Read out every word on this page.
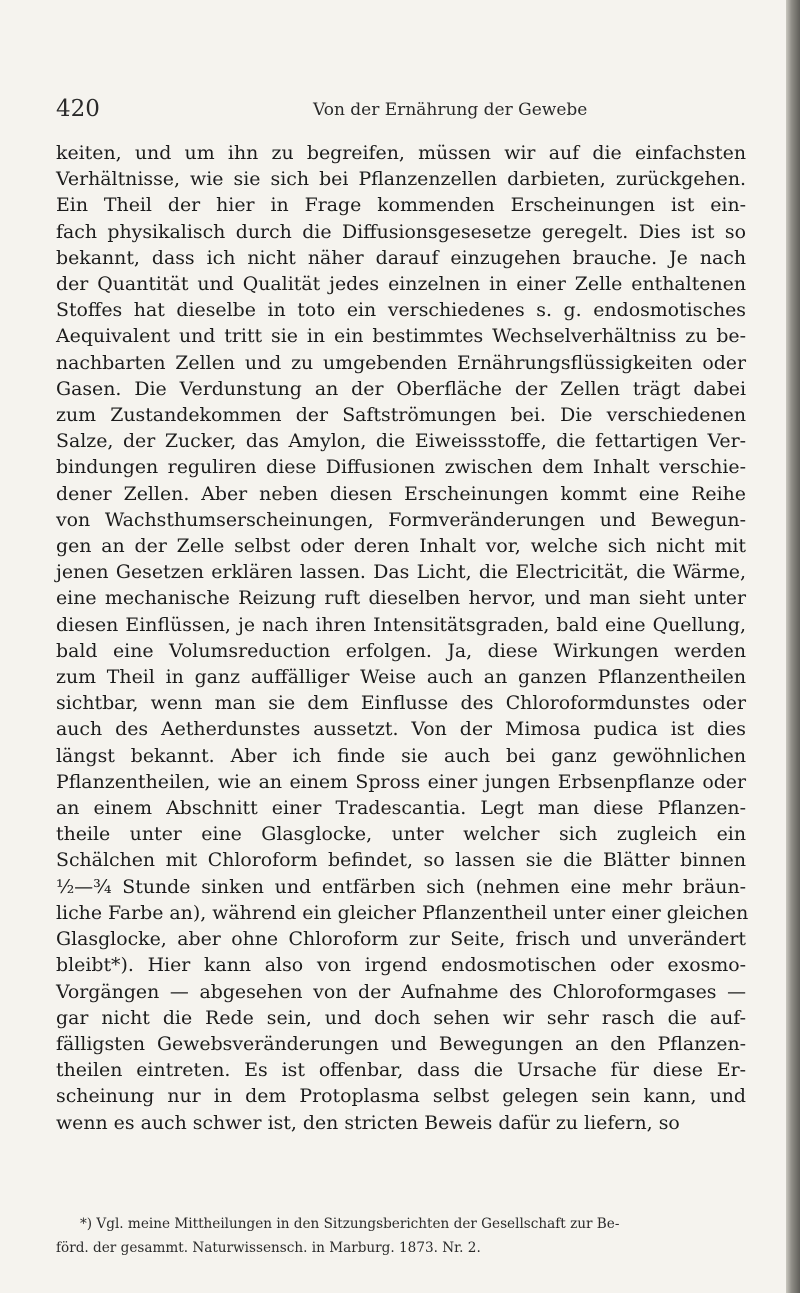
420	Von der Ernährung der Gewebe
keiten, und um ihn zu begreifen, müssen wir auf die einfachsten
Verhältnisse, wie sie sich bei Pflanzenzellen darbieten, zurückgehen.
Ein Theil der hier in Frage kommenden Erscheinungen ist ein-
fach physikalisch durch die Diffusionsgesesetze geregelt. Dies ist so
bekannt, dass ich nicht näher darauf einzugehen brauche. Je nach
der Quantität und Qualität jedes einzelnen in einer Zelle enthaltenen
Stoffes hat dieselbe in toto ein verschiedenes s. g. endosmotisches
Aequivalent und tritt sie in ein bestimmtes Wechselverhältniss zu be-
nachbarten Zellen und zu umgebenden Ernährungsflüssigkeiten oder
Gasen. Die Verdunstung an der Oberfläche der Zellen trägt dabei
zum Zustandekommen der Saftströmungen bei. Die verschiedenen
Salze, der Zucker, das Amylon, die Eiweissstoffe, die fettartigen Ver-
bindungen reguliren diese Diffusionen zwischen dem Inhalt verschie-
dener Zellen. Aber neben diesen Erscheinungen kommt eine Reihe
von Wachsthumserscheinungen, Formveränderungen und Bewegun-
gen an der Zelle selbst oder deren Inhalt vor, welche sich nicht mit
jenen Gesetzen erklären lassen. Das Licht, die Electricität, die Wärme,
eine mechanische Reizung ruft dieselben hervor, und man sieht unter
diesen Einflüssen, je nach ihren Intensitätsgraden, bald eine Quellung,
bald eine Volumsreduction erfolgen. Ja, diese Wirkungen werden
zum Theil in ganz auffälliger Weise auch an ganzen Pflanzentheilen
sichtbar, wenn man sie dem Einflusse des Chloroformdunstes oder
auch des Aetherdunstes aussetzt. Von der Mimosa pudica ist dies
längst bekannt. Aber ich finde sie auch bei ganz gewöhnlichen
Pflanzentheilen, wie an einem Spross einer jungen Erbsenpflanze oder
an einem Abschnitt einer Tradescantia. Legt man diese Pflanzen-
theile unter eine Glasglocke, unter welcher sich zugleich ein
Schälchen mit Chloroform befindet, so lassen sie die Blätter binnen
½—¾ Stunde sinken und entfärben sich (nehmen eine mehr bräun-
liche Farbe an), während ein gleicher Pflanzentheil unter einer gleichen
Glasglocke, aber ohne Chloroform zur Seite, frisch und unverändert
bleibt*). Hier kann also von irgend endosmotischen oder exosmo-
Vorgängen — abgesehen von der Aufnahme des Chloroformgases —
gar nicht die Rede sein, und doch sehen wir sehr rasch die auf-
fälligsten Gewebsveränderungen und Bewegungen an den Pflanzen-
theilen eintreten. Es ist offenbar, dass die Ursache für diese Er-
scheinung nur in dem Protoplasma selbst gelegen sein kann, und
wenn es auch schwer ist, den stricten Beweis dafür zu liefern, so
*) Vgl. meine Mittheilungen in den Sitzungsberichten der Gesellschaft zur Be-
förd. der gesammt. Naturwissensch. in Marburg. 1873. Nr. 2.
